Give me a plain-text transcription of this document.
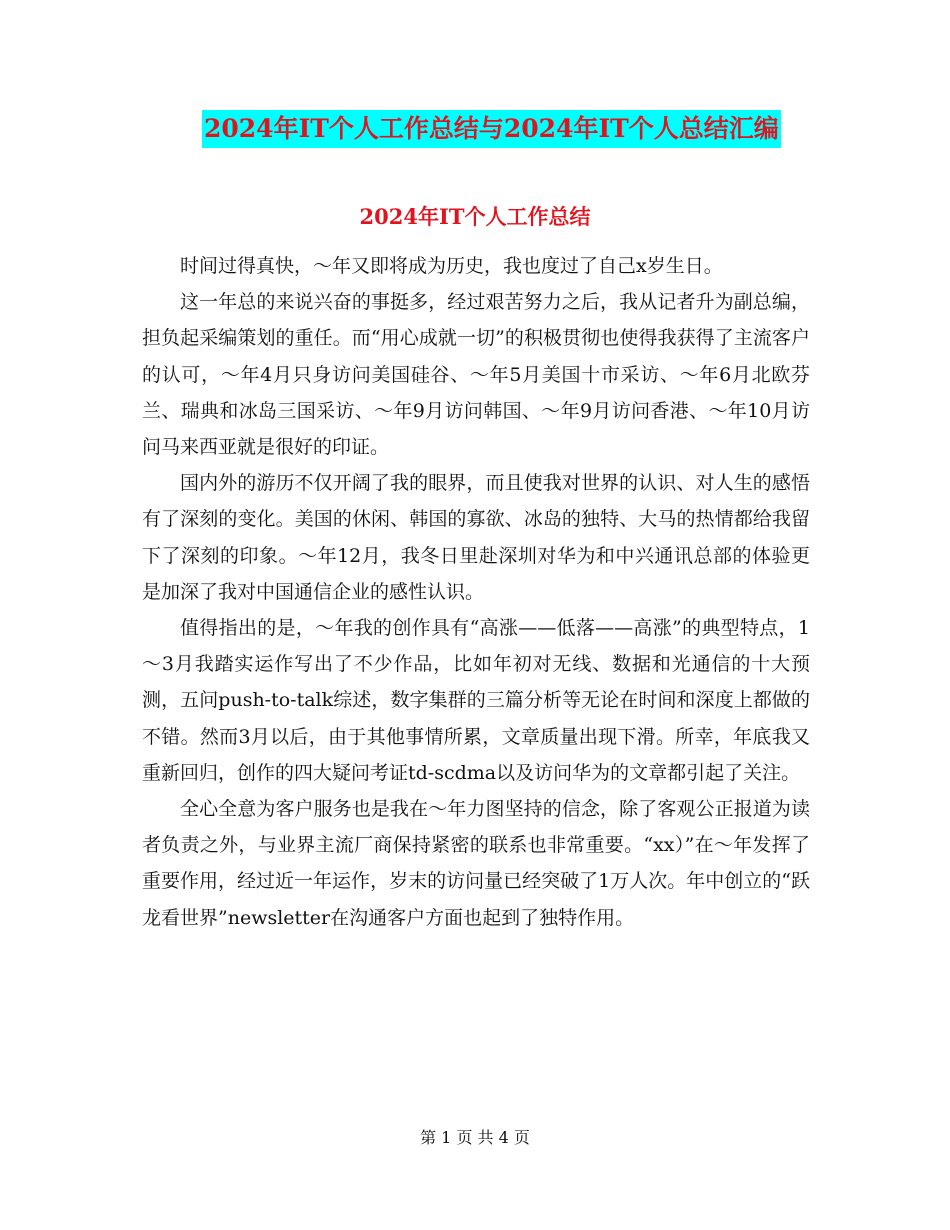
2024年IT个人工作总结与2024年IT个人总结汇编
2024年IT个人工作总结

时间过得真快，～年又即将成为历史，我也度过了自己x岁生日。

这一年总的来说兴奋的事挺多，经过艰苦努力之后，我从记者升为副总编，担负起采编策划的重任。而“用心成就一切”的积极贯彻也使得我获得了主流客户的认可，～年4月只身访问美国硅谷、～年5月美国十市采访、～年6月北欧芬兰、瑞典和冰岛三国采访、～年9月访问韩国、～年9月访问香港、～年10月访问马来西亚就是很好的印证。

国内外的游历不仅开阔了我的眼界，而且使我对世界的认识、对人生的感悟有了深刻的变化。美国的休闲、韩国的寡欲、冰岛的独特、大马的热情都给我留下了深刻的印象。～年12月，我冬日里赴深圳对华为和中兴通讯总部的体验更是加深了我对中国通信企业的感性认识。

值得指出的是，～年我的创作具有“高涨——低落——高涨”的典型特点，1～3月我踏实运作写出了不少作品，比如年初对无线、数据和光通信的十大预测，五问push-to-talk综述，数字集群的三篇分析等无论在时间和深度上都做的不错。然而3月以后，由于其他事情所累，文章质量出现下滑。所幸，年底我又重新回归，创作的四大疑问考证td-scdma以及访问华为的文章都引起了关注。

全心全意为客户服务也是我在～年力图坚持的信念，除了客观公正报道为读者负责之外，与业界主流厂商保持紧密的联系也非常重要。“xx）”在～年发挥了重要作用，经过近一年运作，岁末的访问量已经突破了1万人次。年中创立的“跃龙看世界”newsletter在沟通客户方面也起到了独特作用。

第 1 页 共 4 页
